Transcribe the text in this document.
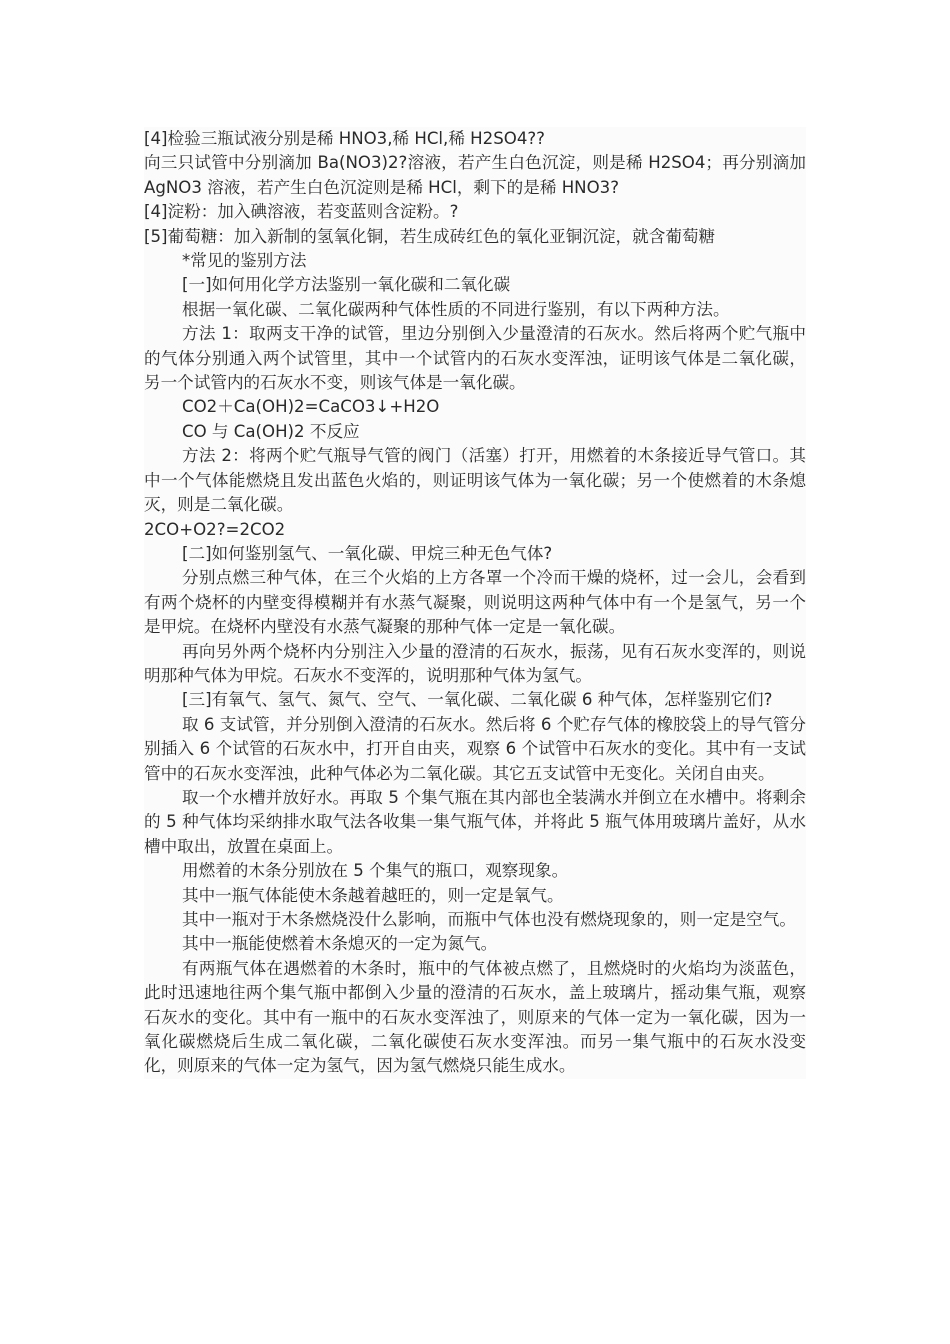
[4]检验三瓶试液分别是稀 HNO3,稀 HCl,稀 H2SO4??

向三只试管中分别滴加 Ba(NO3)2?溶液，若产生白色沉淀，则是稀 H2SO4；再分别滴加 AgNO3 溶液，若产生白色沉淀则是稀 HCl，剩下的是稀 HNO3?

[4]淀粉：加入碘溶液，若变蓝则含淀粉。?

[5]葡萄糖：加入新制的氢氧化铜，若生成砖红色的氧化亚铜沉淀，就含葡萄糖

*常见的鉴别方法

[一]如何用化学方法鉴别一氧化碳和二氧化碳

根据一氧化碳、二氧化碳两种气体性质的不同进行鉴别，有以下两种方法。

方法 1：取两支干净的试管，里边分别倒入少量澄清的石灰水。然后将两个贮气瓶中的气体分别通入两个试管里，其中一个试管内的石灰水变浑浊，证明该气体是二氧化碳，另一个试管内的石灰水不变，则该气体是一氧化碳。

CO2＋Ca(OH)2=CaCO3↓+H2O

CO 与 Ca(OH)2 不反应

方法 2：将两个贮气瓶导气管的阀门（活塞）打开，用燃着的木条接近导气管口。其中一个气体能燃烧且发出蓝色火焰的，则证明该气体为一氧化碳；另一个使燃着的木条熄灭，则是二氧化碳。

2CO+O2?=2CO2

[二]如何鉴别氢气、一氧化碳、甲烷三种无色气体?

分别点燃三种气体，在三个火焰的上方各罩一个冷而干燥的烧杯，过一会儿，会看到有两个烧杯的内壁变得模糊并有水蒸气凝聚，则说明这两种气体中有一个是氢气，另一个是甲烷。在烧杯内壁没有水蒸气凝聚的那种气体一定是一氧化碳。

再向另外两个烧杯内分别注入少量的澄清的石灰水，振荡，见有石灰水变浑的，则说明那种气体为甲烷。石灰水不变浑的，说明那种气体为氢气。

[三]有氧气、氢气、氮气、空气、一氧化碳、二氧化碳 6 种气体，怎样鉴别它们?

取 6 支试管，并分别倒入澄清的石灰水。然后将 6 个贮存气体的橡胶袋上的导气管分别插入 6 个试管的石灰水中，打开自由夹，观察 6 个试管中石灰水的变化。其中有一支试管中的石灰水变浑浊，此种气体必为二氧化碳。其它五支试管中无变化。关闭自由夹。

取一个水槽并放好水。再取 5 个集气瓶在其内部也全装满水并倒立在水槽中。将剩余的 5 种气体均采纳排水取气法各收集一集气瓶气体，并将此 5 瓶气体用玻璃片盖好，从水槽中取出，放置在桌面上。

用燃着的木条分别放在 5 个集气的瓶口，观察现象。

其中一瓶气体能使木条越着越旺的，则一定是氧气。

其中一瓶对于木条燃烧没什么影响，而瓶中气体也没有燃烧现象的，则一定是空气。

其中一瓶能使燃着木条熄灭的一定为氮气。

有两瓶气体在遇燃着的木条时，瓶中的气体被点燃了，且燃烧时的火焰均为淡蓝色，此时迅速地往两个集气瓶中都倒入少量的澄清的石灰水，盖上玻璃片，摇动集气瓶，观察石灰水的变化。其中有一瓶中的石灰水变浑浊了，则原来的气体一定为一氧化碳，因为一氧化碳燃烧后生成二氧化碳，二氧化碳使石灰水变浑浊。而另一集气瓶中的石灰水没变化，则原来的气体一定为氢气，因为氢气燃烧只能生成水。
